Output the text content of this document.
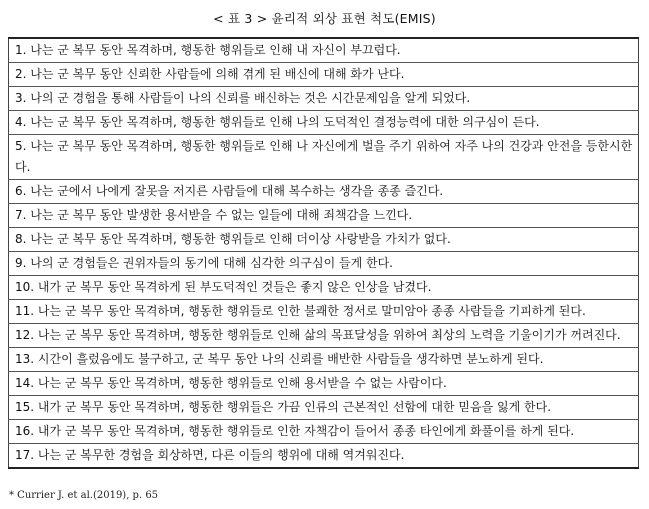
< 표 3 > 윤리적 외상 표현 척도(EMIS)
1. 나는 군 복무 동안 목격하며, 행동한 행위들로 인해 내 자신이 부끄럽다.
2. 나는 군 복무 동안 신뢰한 사람들에 의해 겪게 된 배신에 대해 화가 난다.
3. 나의 군 경험을 통해 사람들이 나의 신뢰를 배신하는 것은 시간문제임을 알게 되었다.
4. 나는 군 복무 동안 목격하며, 행동한 행위들로 인해 나의 도덕적인 결정능력에 대한 의구심이 든다.
5. 나는 군 복무 동안 목격하며, 행동한 행위들로 인해 나 자신에게 벌을 주기 위하여 자주 나의 건강과 안전을 등한시한다.
6. 나는 군에서 나에게 잘못을 저지른 사람들에 대해 복수하는 생각을 종종 즐긴다.
7. 나는 군 복무 동안 발생한 용서받을 수 없는 일들에 대해 죄책감을 느낀다.
8. 나는 군 복무 동안 목격하며, 행동한 행위들로 인해 더이상 사랑받을 가치가 없다.
9. 나의 군 경험들은 권위자들의 동기에 대해 심각한 의구심이 들게 한다.
10. 내가 군 복무 동안 목격하게 된 부도덕적인 것들은 좋지 않은 인상을 남겼다.
11. 나는 군 복무 동안 목격하며, 행동한 행위들로 인한 불쾌한 정서로 말미암아 종종 사람들을 기피하게 된다.
12. 나는 군 복무 동안 목격하며, 행동한 행위들로 인해 삶의 목표달성을 위하여 최상의 노력을 기울이기가 꺼려진다.
13. 시간이 흘렀음에도 불구하고, 군 복무 동안 나의 신뢰를 배반한 사람들을 생각하면 분노하게 된다.
14. 나는 군 복무 동안 목격하며, 행동한 행위들로 인해 용서받을 수 없는 사람이다.
15. 내가 군 복무 동안 목격하며, 행동한 행위들은 가끔 인류의 근본적인 선함에 대한 믿음을 잃게 한다.
16. 내가 군 복무 동안 목격하며, 행동한 행위들로 인한 자책감이 들어서 종종 타인에게 화풀이를 하게 된다.
17. 나는 군 복무한 경험을 회상하면, 다른 이들의 행위에 대해 역겨워진다.
* Currier J. et al.(2019), p. 65
